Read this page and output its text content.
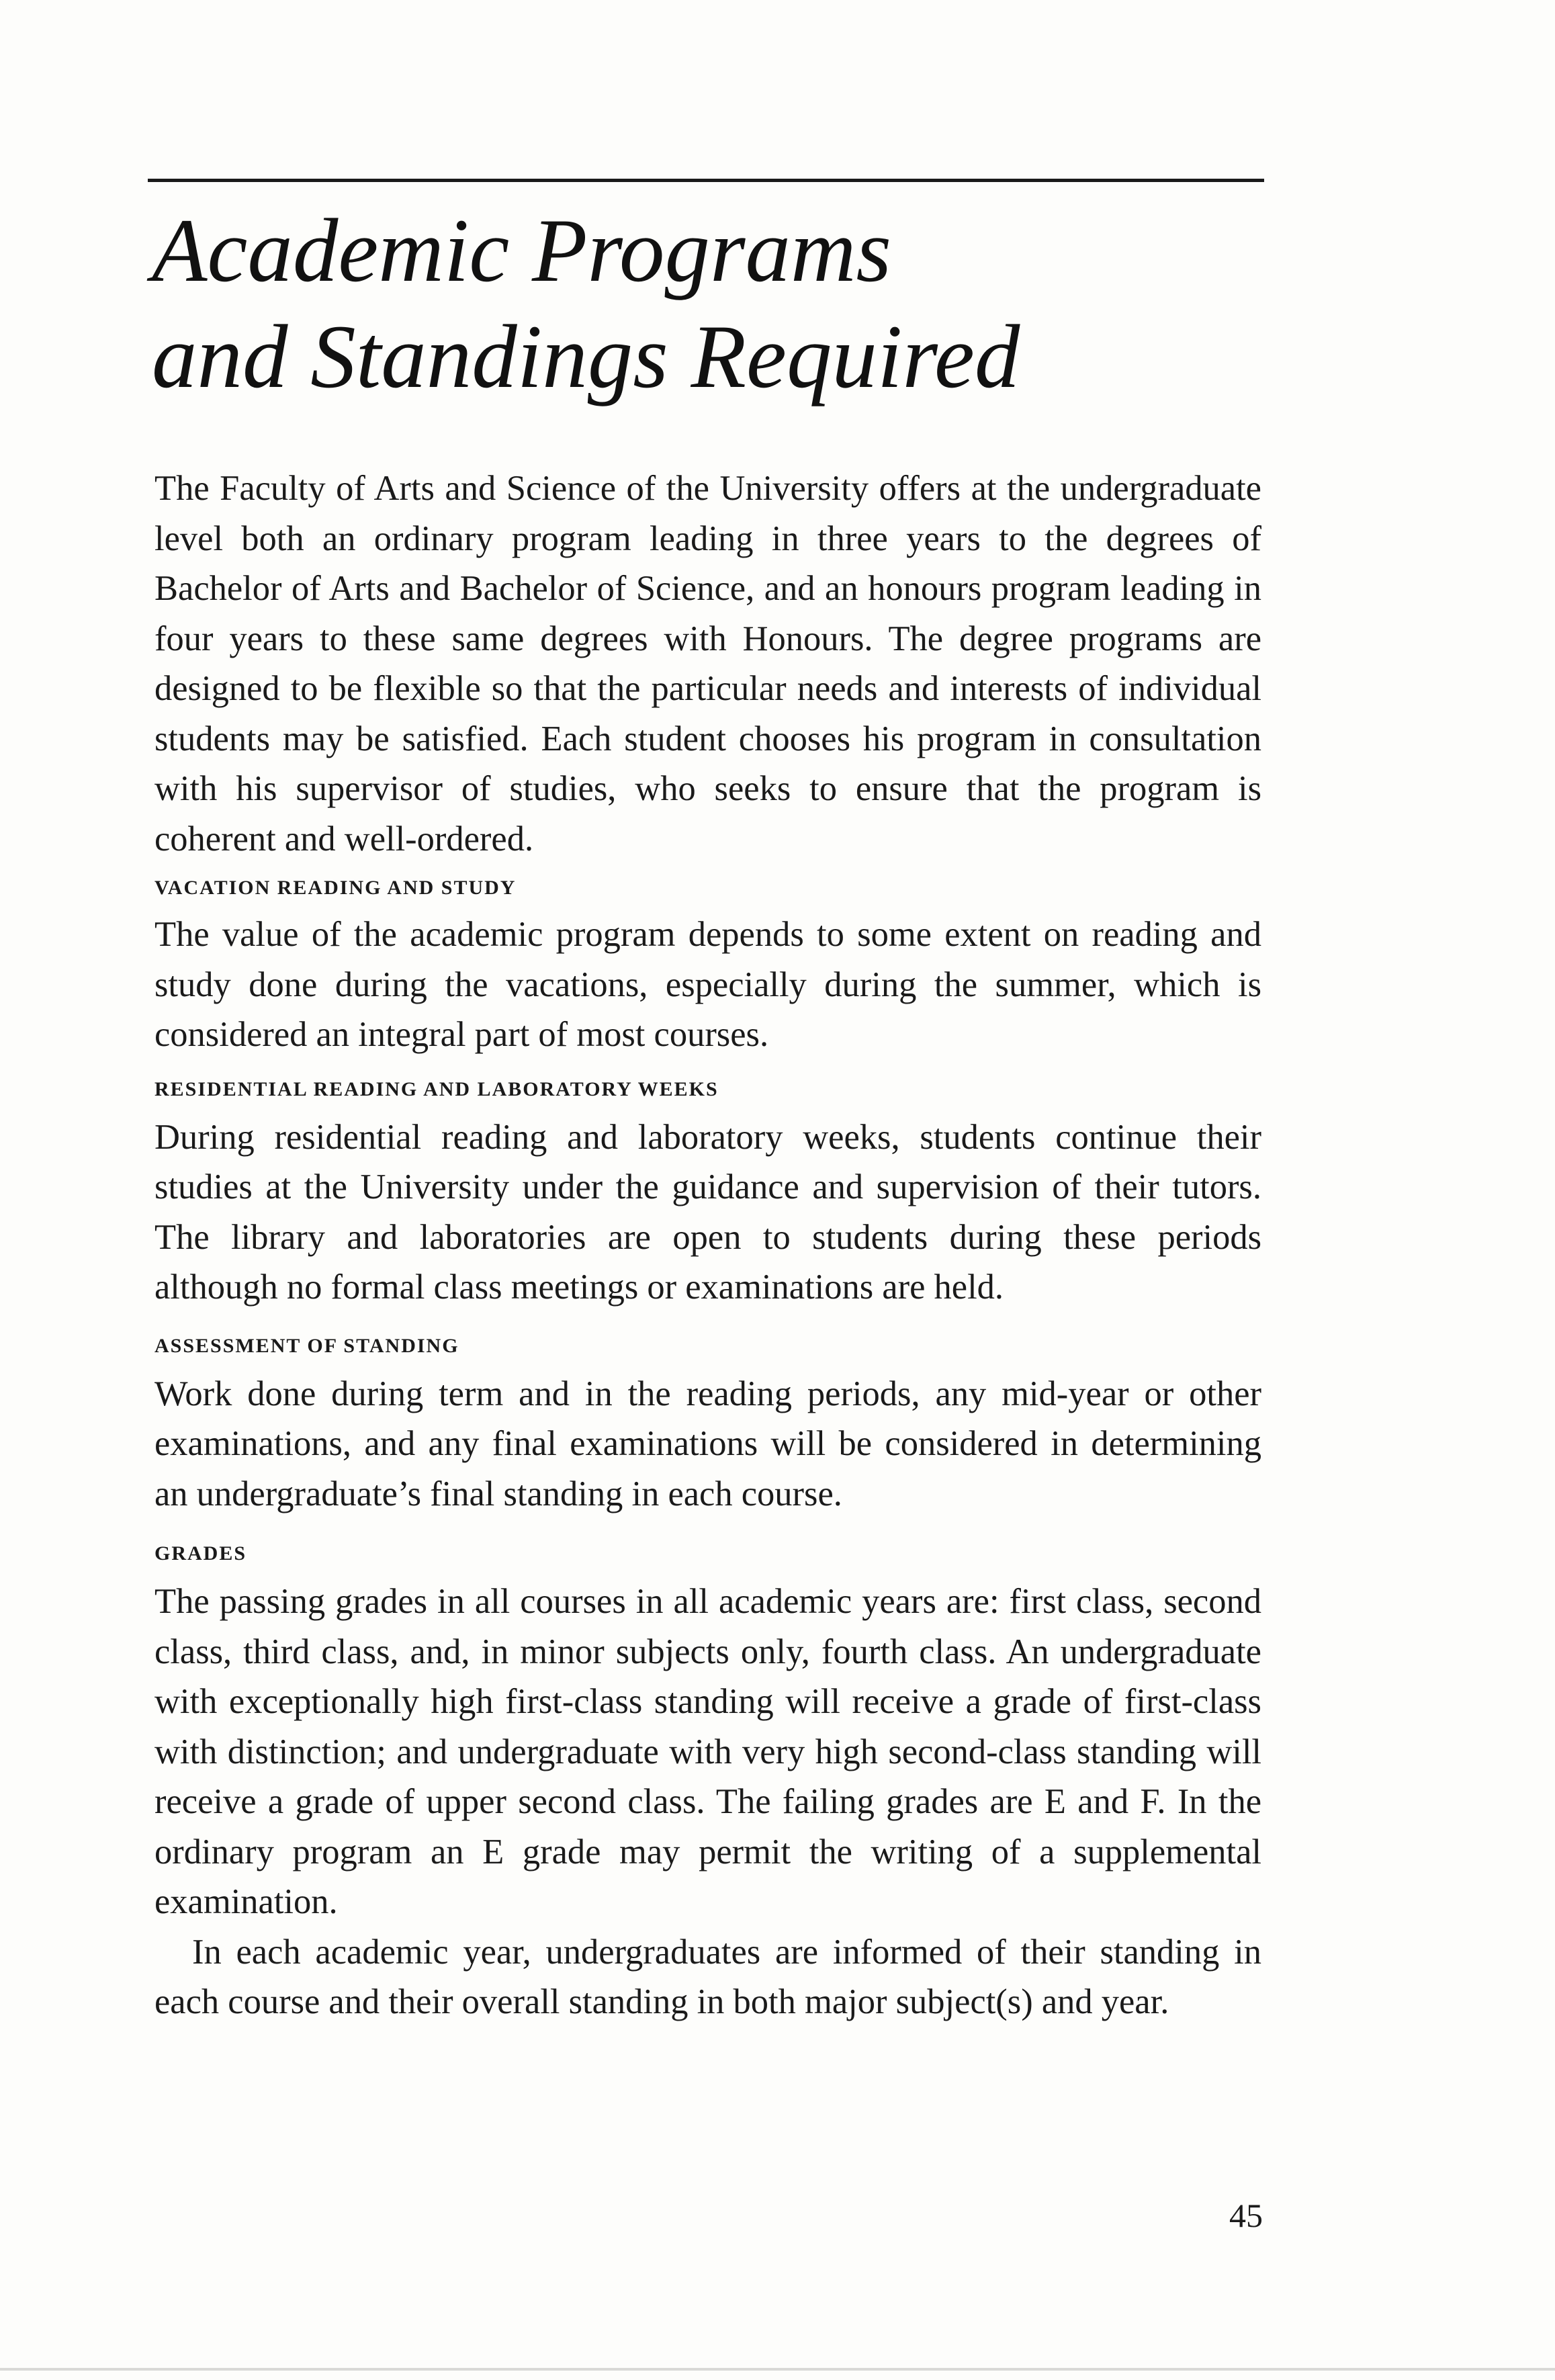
Academic Programs
and Standings Required

The Faculty of Arts and Science of the University offers at the undergraduate level both an ordinary program leading in three years to the degrees of Bachelor of Arts and Bachelor of Science, and an honours program leading in four years to these same degrees with Honours. The degree programs are designed to be flexible so that the particular needs and interests of individual students may be satisfied. Each student chooses his program in consultation with his supervisor of studies, who seeks to ensure that the program is coherent and well-ordered.

VACATION READING AND STUDY

The value of the academic program depends to some extent on reading and study done during the vacations, especially during the summer, which is considered an integral part of most courses.

RESIDENTIAL READING AND LABORATORY WEEKS

During residential reading and laboratory weeks, students continue their studies at the University under the guidance and supervision of their tutors. The library and laboratories are open to students during these periods although no formal class meetings or examinations are held.

ASSESSMENT OF STANDING

Work done during term and in the reading periods, any mid-year or other examinations, and any final examinations will be considered in determining an undergraduate’s final standing in each course.

GRADES

The passing grades in all courses in all academic years are: first class, second class, third class, and, in minor subjects only, fourth class. An undergraduate with exceptionally high first-class standing will receive a grade of first-class with distinction; and undergraduate with very high second-class standing will receive a grade of upper second class. The failing grades are E and F. In the ordinary program an E grade may permit the writing of a supplemental examination.

In each academic year, undergraduates are informed of their standing in each course and their overall standing in both major subject(s) and year.

45
